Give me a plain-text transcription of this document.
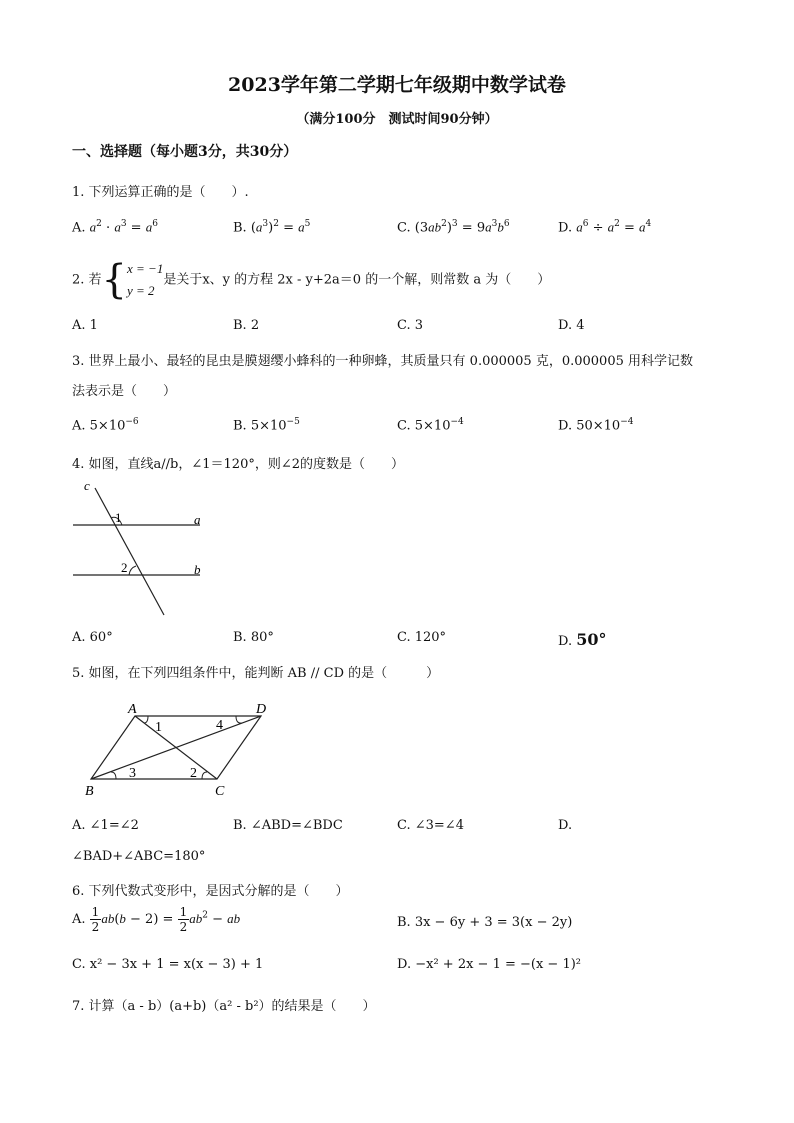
2023学年第二学期七年级期中数学试卷
（满分100分　测试时间90分钟）
一、选择题（每小题3分，共30分）
1. 下列运算正确的是（　　）.
A. $a^2 \cdot a^3 = a^6$	B. $(a^3)^2 = a^5$	C. $(3ab^2)^3 = 9a^3b^6$	D. $a^6 \div a^2 = a^4$
2. 若{ x = −1
y = 2
是关于x、y 的方程 2x - y+2a＝0 的一个解，则常数 a 为（　　）
A. 1	B. 2	C. 3	D. 4
3. 世界上最小、最轻的昆虫是膜翅缨小蜂科的一种卵蜂，其质量只有 0.000005 克，0.000005 用科学记数
法表示是（　　）
A. $5\times 10^{-6}$	B. $5\times 10^{-5}$	C. $5\times 10^{-4}$	D. $50\times 10^{-4}$
4. 如图，直线a//b，∠1＝120°，则∠2的度数是（　　）
c
a
b
1
2
A. 60°	B. 80°	C. 120°	D. 50°
5. 如图，在下列四组条件中，能判断 AB // CD 的是（　　　）
A	D
B	C
1	4
3	2
A. ∠1=∠2	B. ∠ABD=∠BDC	C. ∠3=∠4	D.
∠BAD+∠ABC=180°
6. 下列代数式变形中，是因式分解的是（　　）
A. $\frac{1}{2} ab(b - 2) = \frac{1}{2} ab^2$ − ab	B. 3x − 6y + 3 = 3(x − 2y)
C. x² − 3x + 1 = x(x − 3) + 1	D. −x² + 2x − 1 = −(x − 1)²
7. 计算（a - b）(a+b)（a² - b²）的结果是（　　）
